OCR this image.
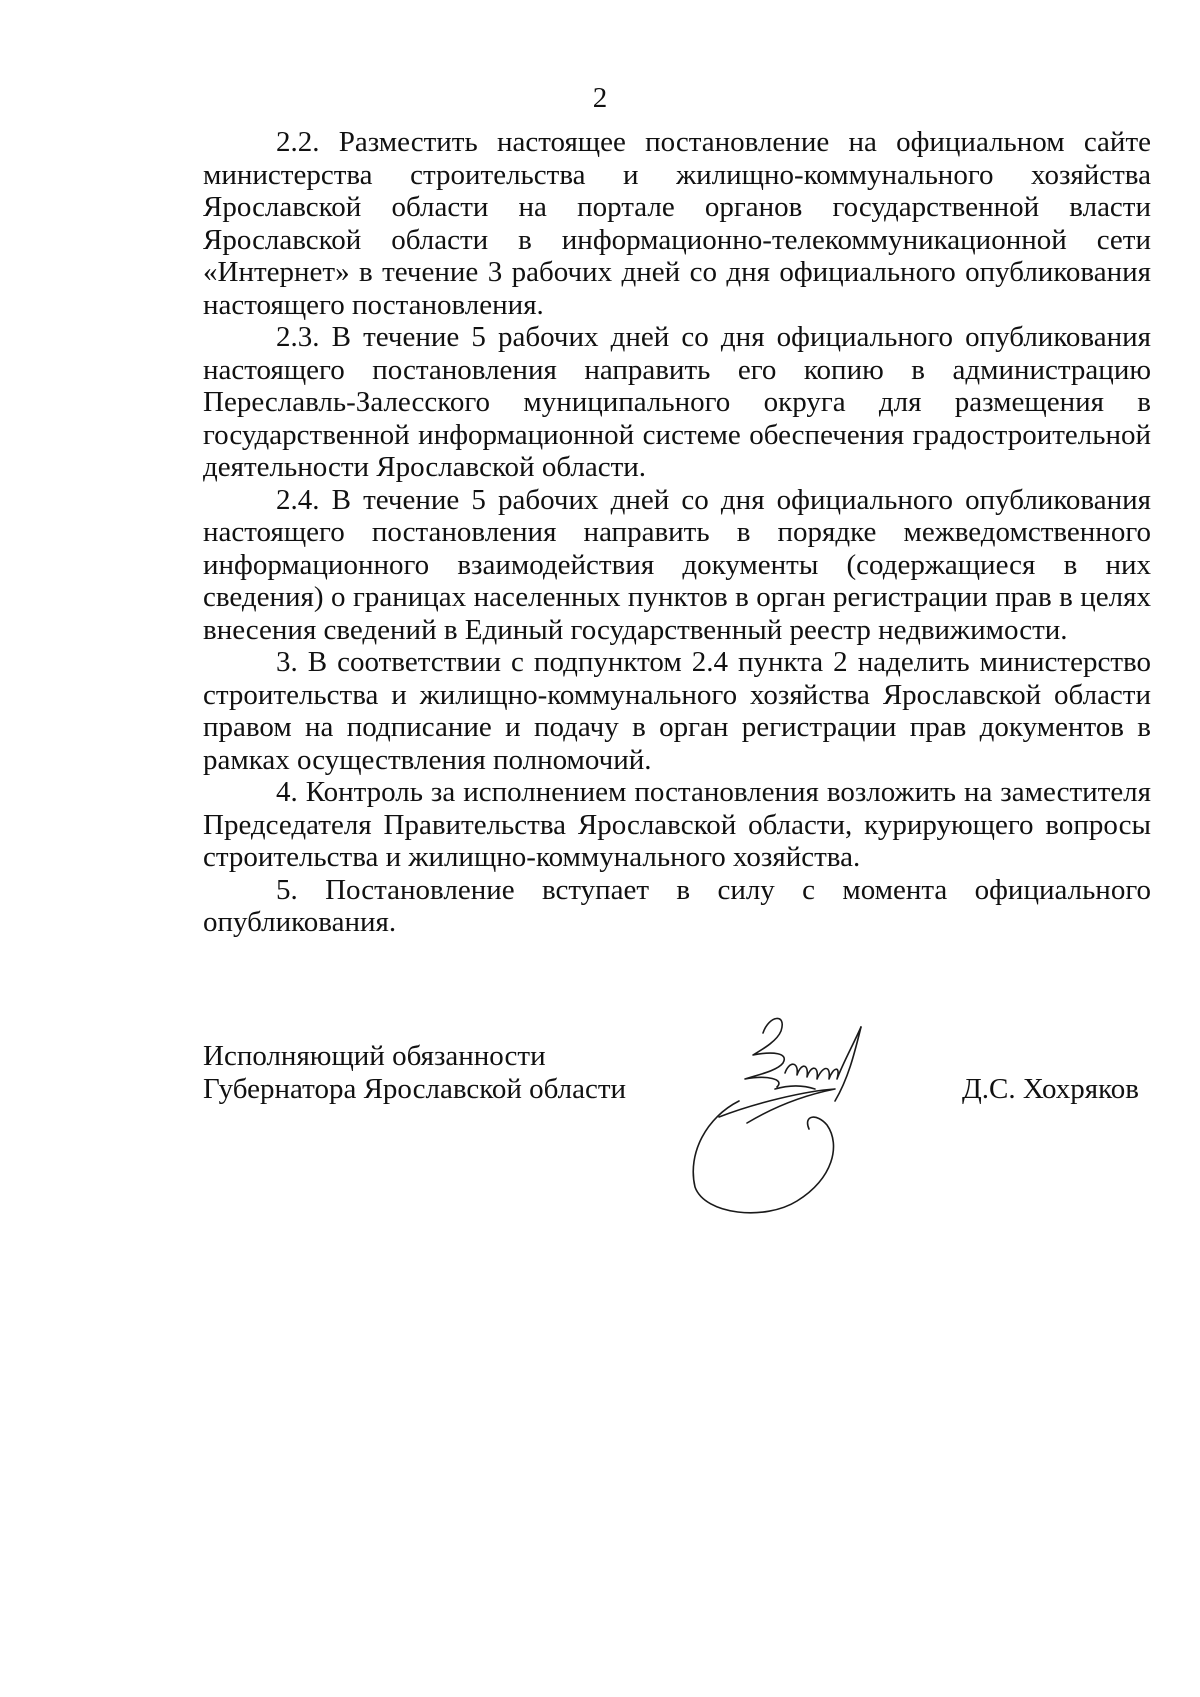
2

2.2. Разместить настоящее постановление на официальном сайте министерства строительства и жилищно-коммунального хозяйства Ярославской области на портале органов государственной власти Ярославской области в информационно-телекоммуникационной сети «Интернет» в течение 3 рабочих дней со дня официального опубликования настоящего постановления.

2.3. В течение 5 рабочих дней со дня официального опубликования настоящего постановления направить его копию в администрацию Переславль-Залесского муниципального округа для размещения в государственной информационной системе обеспечения градостроительной деятельности Ярославской области.

2.4. В течение 5 рабочих дней со дня официального опубликования настоящего постановления направить в порядке межведомственного информационного взаимодействия документы (содержащиеся в них сведения) о границах населенных пунктов в орган регистрации прав в целях внесения сведений в Единый государственный реестр недвижимости.

3. В соответствии с подпунктом 2.4 пункта 2 наделить министерство строительства и жилищно-коммунального хозяйства Ярославской области правом на подписание и подачу в орган регистрации прав документов в рамках осуществления полномочий.

4. Контроль за исполнением постановления возложить на заместителя Председателя Правительства Ярославской области, курирующего вопросы строительства и жилищно-коммунального хозяйства.

5. Постановление вступает в силу с момента официального опубликования.

Исполняющий обязанности
Губернатора Ярославской области	Д.С. Хохряков
